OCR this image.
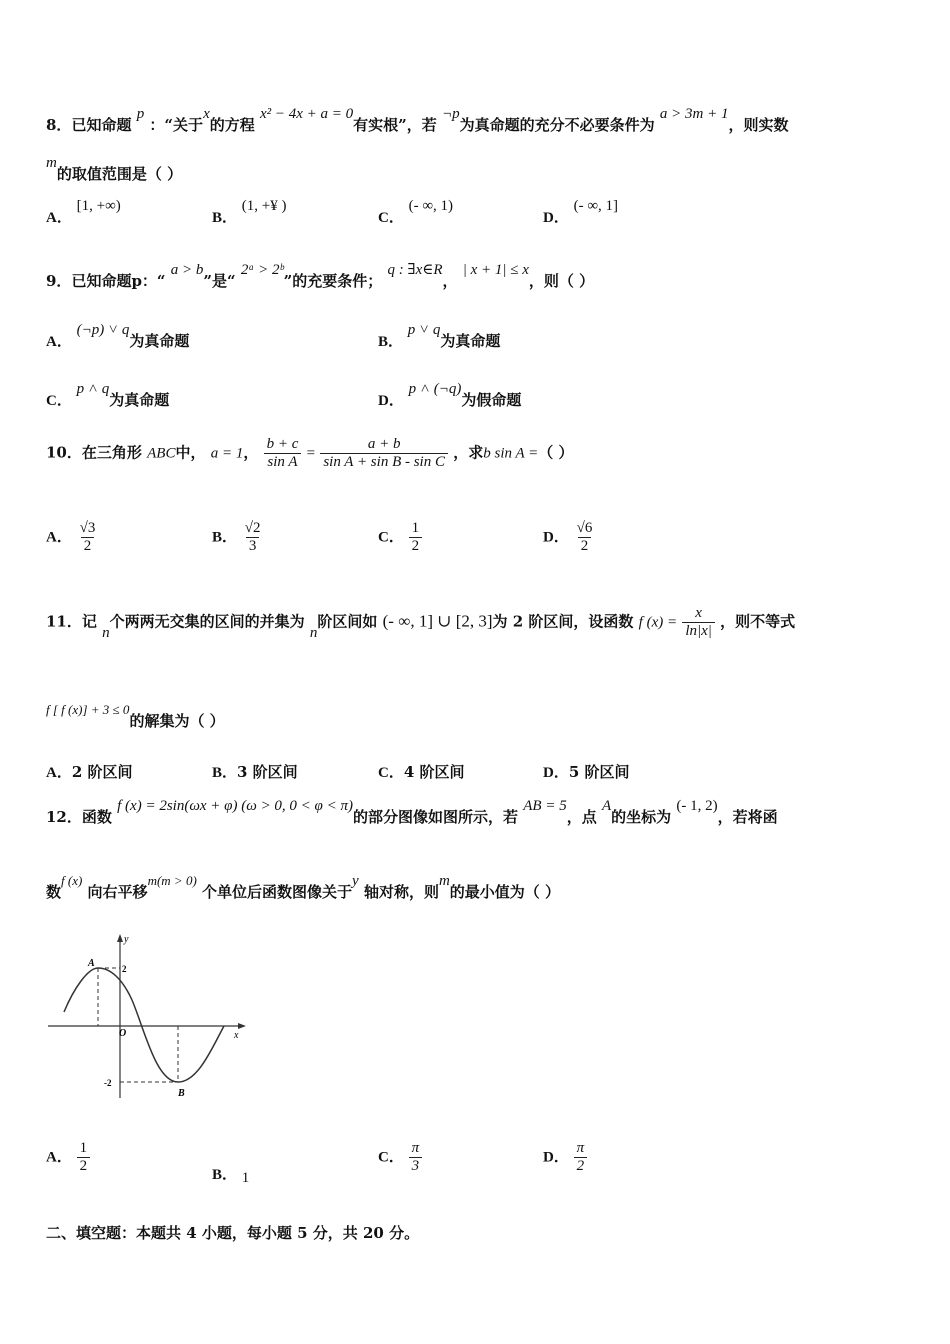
8．已知命题 p ：“关于x的方程 x² − 4x + a = 0有实根”，若 ¬p为真命题的充分不必要条件为 a > 3m + 1，则实数
m的取值范围是（ ）
A． [1, +∞)
B． (1, +¥ )
C． (- ∞, 1)
D． (- ∞, 1]
9．已知命题p：“ a > b”是“ 2ᵃ > 2ᵇ”的充要条件； q : ∃x∈R， | x + 1| ≤ x，则（ ）
A． (¬p) ˅ q为真命题	B． p ˅ q为真命题
C． p ˄ q为真命题	D． p ˄ (¬q)为假命题
10．在三角形 ABC中， a = 1， $\frac{b + c}{\text{sin A}} = \frac{a + b}{\text{sin A + sin B - sin C}}$ ，求b sin A =（ ）
A． $\frac{√3}{2}$	B． $\frac{√2}{3}$	C． $\frac{1}{2}$	D． $\frac{√6}{2}$
11．记 n个两两无交集的区间的并集为 n阶区间如 (- ∞, 1] ∪ [2, 3]为 2 阶区间，设函数 f $(x) = \frac{x}{\ln|x|}$ ，则不等式
f [ f (x)] + 3 ≤ 0的解集为（ ）
A．2 阶区间	B．3 阶区间	C．4 阶区间	D．5 阶区间
12．函数 f (x) = 2sin(ωx + φ) (ω > 0, 0 < φ < π)的部分图像如图所示，若 AB = 5，点 A的坐标为 (- 1, 2)，若将函
数f (x) 向右平移m(m > 0) 个单位后函数图像关于y 轴对称，则m的最小值为（ ）
y
x
O
A
B
2
-2
A． $\frac{1}{2}$	B． 1
C． $\frac{\pi}{3}$	D． $\frac{\pi}{2}$
二、填空题：本题共 4 小题，每小题 5 分，共 20 分。
